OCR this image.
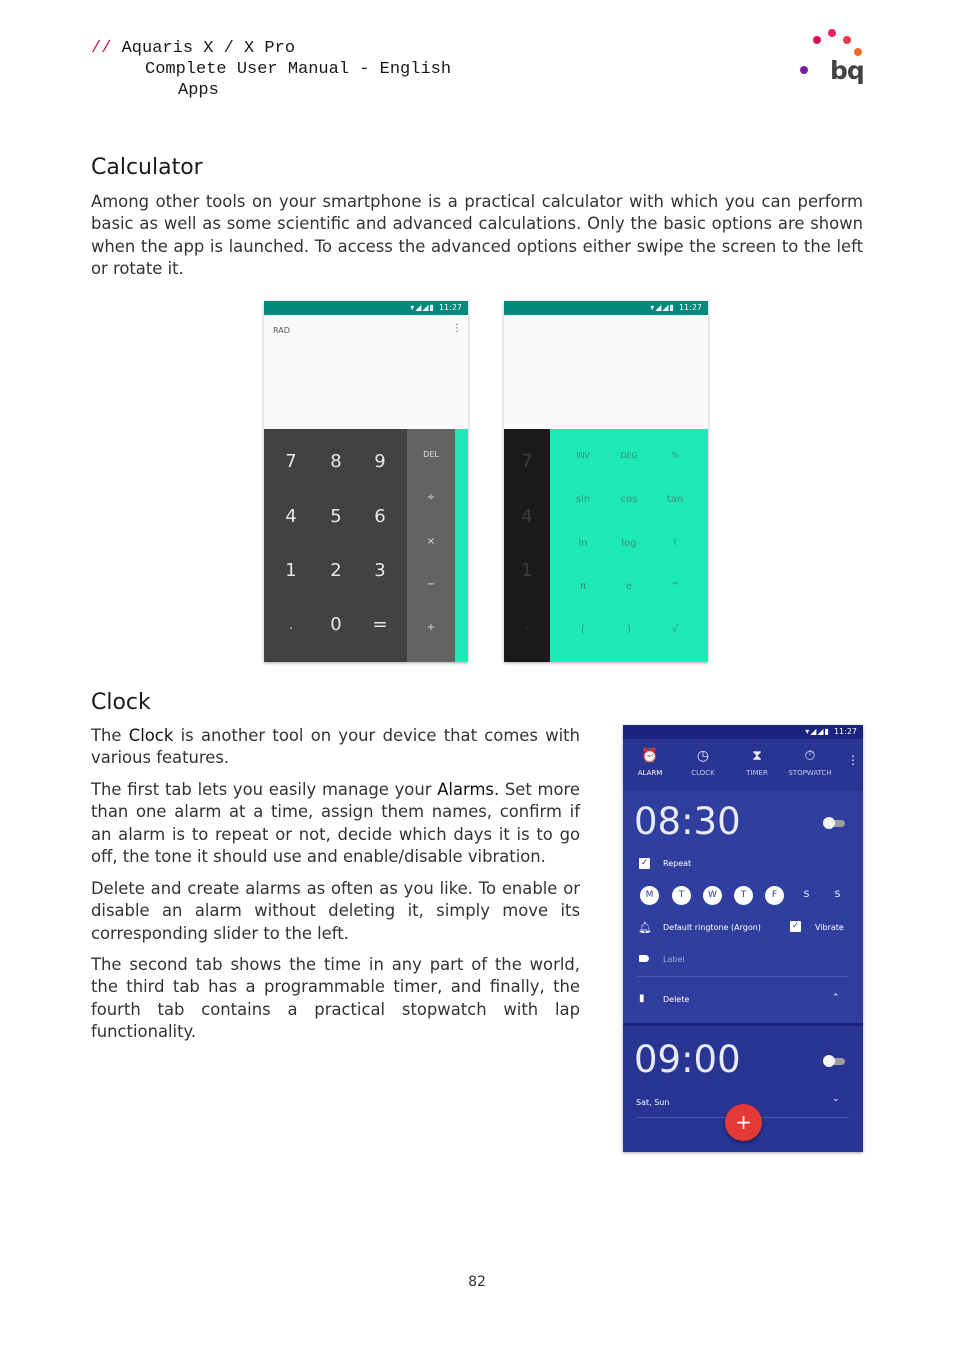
// Aquaris X / X Pro
Complete User Manual - English
Apps
bq
Calculator

Among other tools on your smartphone is a practical calculator with which you can perform basic as well as some scientific and advanced calculations. Only the basic options are shown when the app is launched. To access the advanced options either swipe the screen to the left or rotate it.

▾◢◢▮ 11:27
RAD	⋮
7	8	9
4	5	6
1	2	3
.	0	=
DEL
÷
×
−
+
▾◢◢▮ 11:27
7
4
1
.
INV	DEG	%
sin	cos	tan
ln	log	!
π	e	^
(	)	√
Clock

The Clock is another tool on your device that comes with various features.

The first tab lets you easily manage your Alarms. Set more than one alarm at a time, assign them names, confirm if an alarm is to repeat or not, decide which days it is to go off, the tone it should use and enable/disable vibration.

Delete and create alarms as often as you like. To enable or disable an alarm without deleting it, simply move its corresponding slider to the left.

The second tab shows the time in any part of the world, the third tab has a programmable timer, and finally, the fourth tab contains a practical stopwatch with lap functionality.

▾◢◢▮ 11:27
⏰
ALARM
◷
CLOCK
⧗
TIMER
⏱
STOPWATCH
⋮
08:30
✓ Repeat
M	T	W	T	F	S	S
🔔︎ Default ringtone (Argon)	✓ Vibrate
Label
▮ Delete	⌃
09:00
Sat, Sun	⌄
+
82
